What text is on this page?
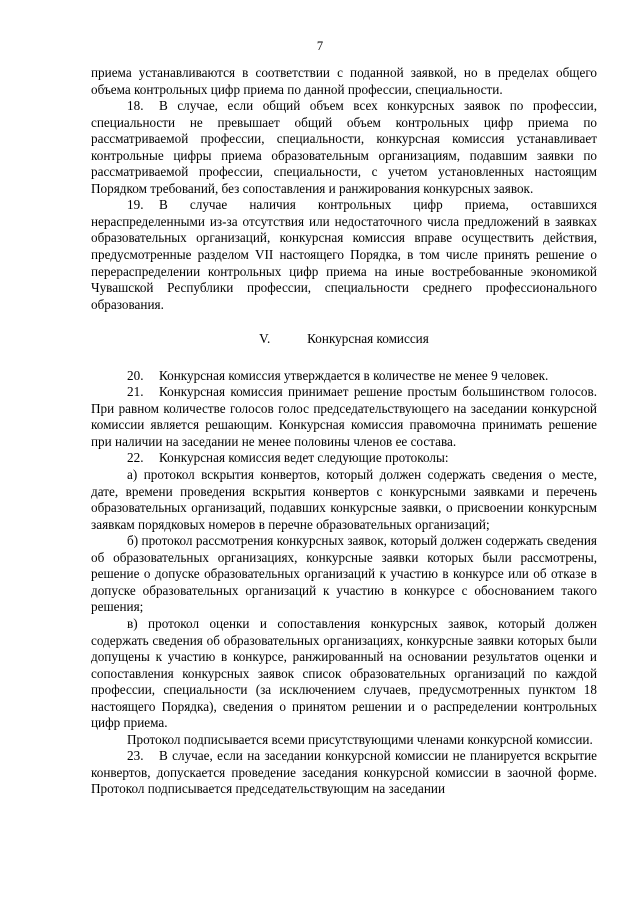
7

приема устанавливаются в соответствии с поданной заявкой, но в пределах общего объема контрольных цифр приема по данной профессии, специальности.

18. В случае, если общий объем всех конкурсных заявок по профессии, специальности не превышает общий объем контрольных цифр приема по рассматриваемой профессии, специальности, конкурсная комиссия устанавливает контрольные цифры приема образовательным организациям, подавшим заявки по рассматриваемой профессии, специальности, с учетом установленных настоящим Порядком требований, без сопоставления и ранжирования конкурсных заявок.

19. В случае наличия контрольных цифр приема, оставшихся нераспределенными из-за отсутствия или недостаточного числа предложений в заявках образовательных организаций, конкурсная комиссия вправе осуществить действия, предусмотренные разделом VII настоящего Порядка, в том числе принять решение о перераспределении контрольных цифр приема на иные востребованные экономикой Чувашской Республики профессии, специальности среднего профессионального образования.

V.	Конкурсная комиссия

20. Конкурсная комиссия утверждается в количестве не менее 9 человек.

21. Конкурсная комиссия принимает решение простым большинством голосов. При равном количестве голосов голос председательствующего на заседании конкурсной комиссии является решающим. Конкурсная комиссия правомочна принимать решение при наличии на заседании не менее половины членов ее состава.

22. Конкурсная комиссия ведет следующие протоколы:

а) протокол вскрытия конвертов, который должен содержать сведения о месте, дате, времени проведения вскрытия конвертов с конкурсными заявками и перечень образовательных организаций, подавших конкурсные заявки, о присвоении конкурсным заявкам порядковых номеров в перечне образовательных организаций;

б) протокол рассмотрения конкурсных заявок, который должен содержать сведения об образовательных организациях, конкурсные заявки которых были рассмотрены, решение о допуске образовательных организаций к участию в конкурсе или об отказе в допуске образовательных организаций к участию в конкурсе с обоснованием такого решения;

в) протокол оценки и сопоставления конкурсных заявок, который должен содержать сведения об образовательных организациях, конкурсные заявки которых были допущены к участию в конкурсе, ранжированный на основании результатов оценки и сопоставления конкурсных заявок список образовательных организаций по каждой профессии, специальности (за исключением случаев, предусмотренных пунктом 18 настоящего Порядка), сведения о принятом решении и о распределении контрольных цифр приема.

Протокол подписывается всеми присутствующими членами конкурсной комиссии.

23. В случае, если на заседании конкурсной комиссии не планируется вскрытие конвертов, допускается проведение заседания конкурсной комиссии в заочной форме. Протокол подписывается председательствующим на заседании
